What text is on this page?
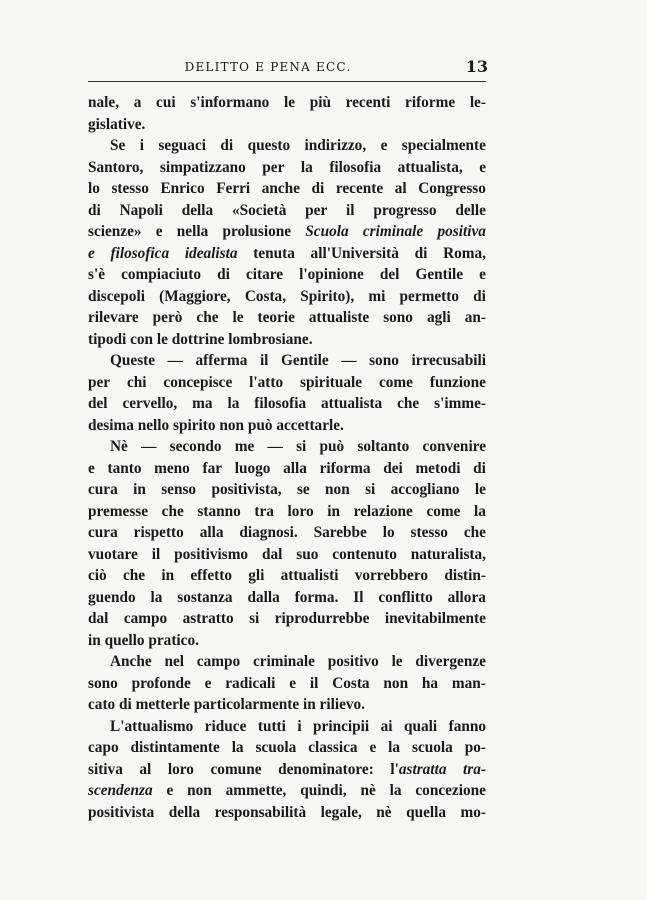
DELITTO E PENA ECC.	13
nale, a cui s'informano le più recenti riforme le-
gislative.
Se i seguaci di questo indirizzo, e specialmente
Santoro, simpatizzano per la filosofia attualista, e
lo stesso Enrico Ferri anche di recente al Congresso
di Napoli della «Società per il progresso delle
scienze» e nella prolusione Scuola criminale positiva
e filosofica idealista tenuta all'Università di Roma,
s'è compiaciuto di citare l'opinione del Gentile e
discepoli (Maggiore, Costa, Spirito), mi permetto di
rilevare però che le teorie attualiste sono agli an-
tipodi con le dottrine lombrosiane.
Queste — afferma il Gentile — sono irrecusabili
per chi concepisce l'atto spirituale come funzione
del cervello, ma la filosofia attualista che s'imme-
desima nello spirito non può accettarle.
Nè — secondo me — si può soltanto convenire
e tanto meno far luogo alla riforma dei metodi di
cura in senso positivista, se non si accogliano le
premesse che stanno tra loro in relazione come la
cura rispetto alla diagnosi. Sarebbe lo stesso che
vuotare il positivismo dal suo contenuto naturalista,
ciò che in effetto gli attualisti vorrebbero distin-
guendo la sostanza dalla forma. Il conflitto allora
dal campo astratto si riprodurrebbe inevitabilmente
in quello pratico.
Anche nel campo criminale positivo le divergenze
sono profonde e radicali e il Costa non ha man-
cato di metterle particolarmente in rilievo.
L'attualismo riduce tutti i principii ai quali fanno
capo distintamente la scuola classica e la scuola po-
sitiva al loro comune denominatore: l'astratta tra-
scendenza e non ammette, quindi, nè la concezione
positivista della responsabilità legale, nè quella mo-
